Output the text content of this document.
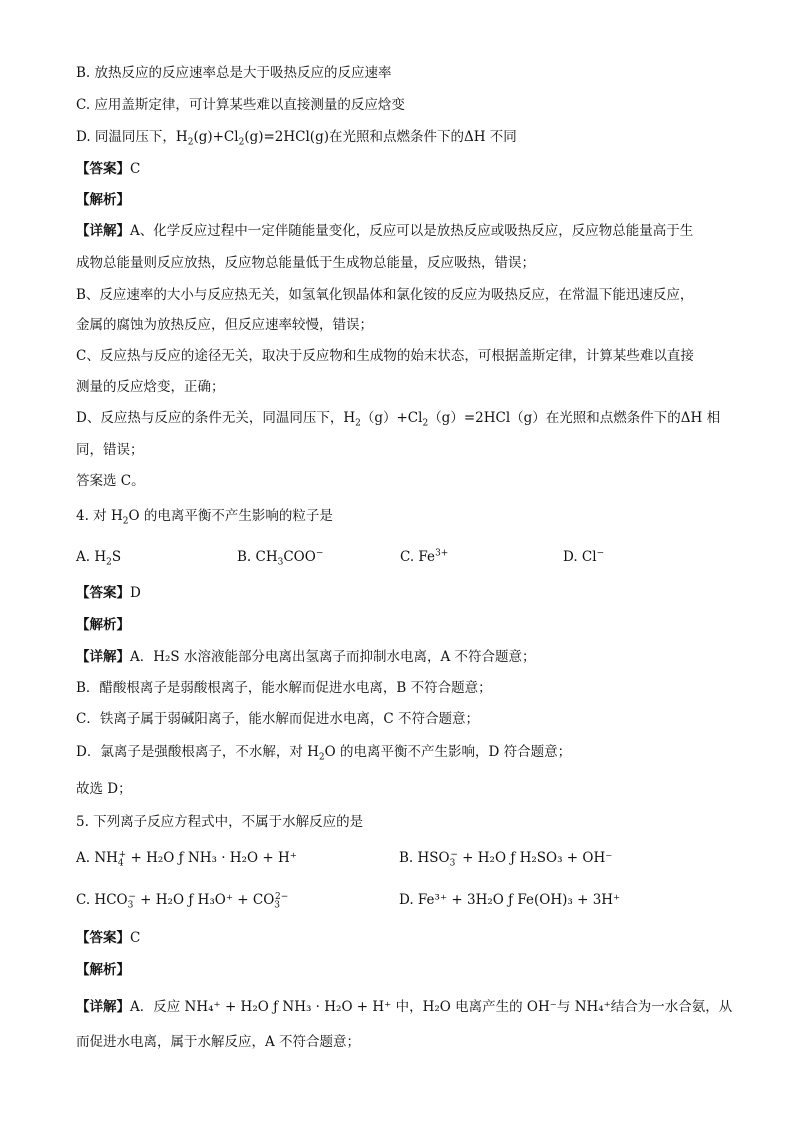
B. 放热反应的反应速率总是大于吸热反应的反应速率
C. 应用盖斯定律，可计算某些难以直接测量的反应焓变
D. 同温同压下，$H_2(g)+Cl_2(g)=2HCl(g)$在光照和点燃条件下的ΔH 不同
【答案】C
【解析】
【详解】A、化学反应过程中一定伴随能量变化，反应可以是放热反应或吸热反应，反应物总能量高于生
成物总能量则反应放热，反应物总能量低于生成物总能量，反应吸热，错误；
B、反应速率的大小与反应热无关，如氢氧化钡晶体和氯化铵的反应为吸热反应，在常温下能迅速反应，
金属的腐蚀为放热反应，但反应速率较慢，错误；
C、反应热与反应的途径无关，取决于反应物和生成物的始末状态，可根据盖斯定律，计算某些难以直接
测量的反应焓变，正确；
D、反应热与反应的条件无关，同温同压下，$H_2(g)+Cl_2(g)=2HCl(g)$在光照和点燃条件下的ΔH 相
同，错误；
答案选 C。
4. 对 $H_2O$ 的电离平衡不产生影响的粒子是
A. $H_2S$	B. $CH_3COO^-$	C. $Fe^{3+}$	D. Cl−
【答案】D
【解析】
【详解】A．H₂S 水溶液能部分电离出氢离子而抑制水电离，A 不符合题意；
B．醋酸根离子是弱酸根离子，能水解而促进水电离，B 不符合题意；
C．铁离子属于弱碱阳离子，能水解而促进水电离，C 不符合题意；
D．氯离子是强酸根离子，不水解，对 $H_2O$ 的电离平衡不产生影响，D 符合题意；
故选 D；
5. 下列离子反应方程式中，不属于水解反应的是
A. $NH_4^+ + H_2O$ ƒ NH₃ · H₂O + H⁺	B. $HSO_3^- + H_2O$ ƒ H₂SO₃ + OH⁻
C. $HCO_3^- + H_2O$ ƒ $H_3O^+ + CO_3^{2-}$	D. Fe³⁺ + 3H₂O ƒ Fe(OH)₃ + 3H⁺
【答案】C
【解析】
【详解】A．反应 NH₄⁺ + H₂O ƒ NH₃ · H₂O + H⁺ 中，H₂O 电离产生的 OH⁻与 NH₄⁺结合为一水合氨，从
而促进水电离，属于水解反应，A 不符合题意；
